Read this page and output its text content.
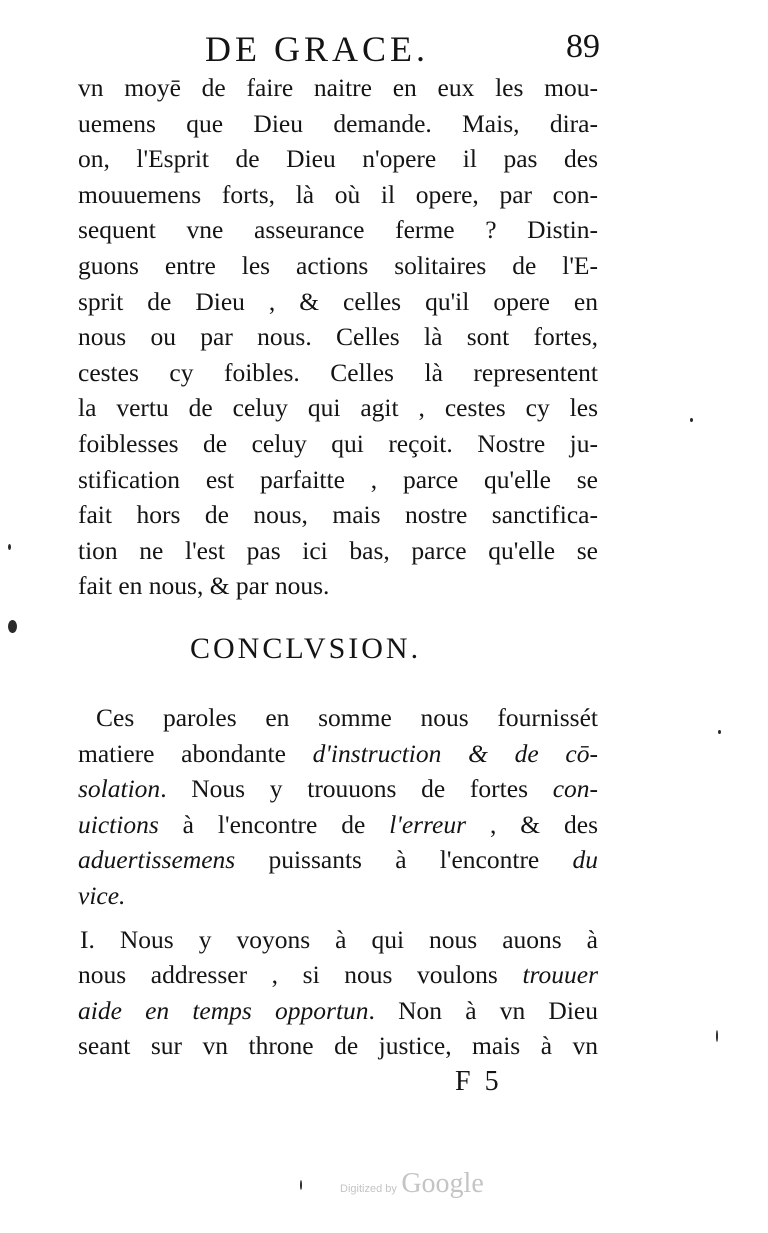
DE GRACE.	89
vn moyē de faire naitre en eux les mou-
uemens que Dieu demande. Mais, dira-
on, l'Esprit de Dieu n'opere il pas des
mouuemens forts, là où il opere, par con-
sequent vne asseurance ferme ? Distin-
guons entre les actions solitaires de l'E-
sprit de Dieu , & celles qu'il opere en
nous ou par nous. Celles là sont fortes,
cestes cy foibles. Celles là representent
la vertu de celuy qui agit , cestes cy les
foiblesses de celuy qui reçoit. Nostre ju-
stification est parfaitte , parce qu'elle se
fait hors de nous, mais nostre sanctifica-
tion ne l'est pas ici bas, parce qu'elle se
fait en nous, & par nous.
CONCLVSION.
Ces paroles en somme nous fournissét
matiere abondante d'instruction & de cō-
solation. Nous y trouuons de fortes con-
uictions à l'encontre de l'erreur , & des
aduertissemens puissants à l'encontre du
vice.
I. Nous y voyons à qui nous auons à
nous addresser , si nous voulons trouuer
aide en temps opportun. Non à vn Dieu
seant sur vn throne de justice, mais à vn
F 5
Digitized by Google
